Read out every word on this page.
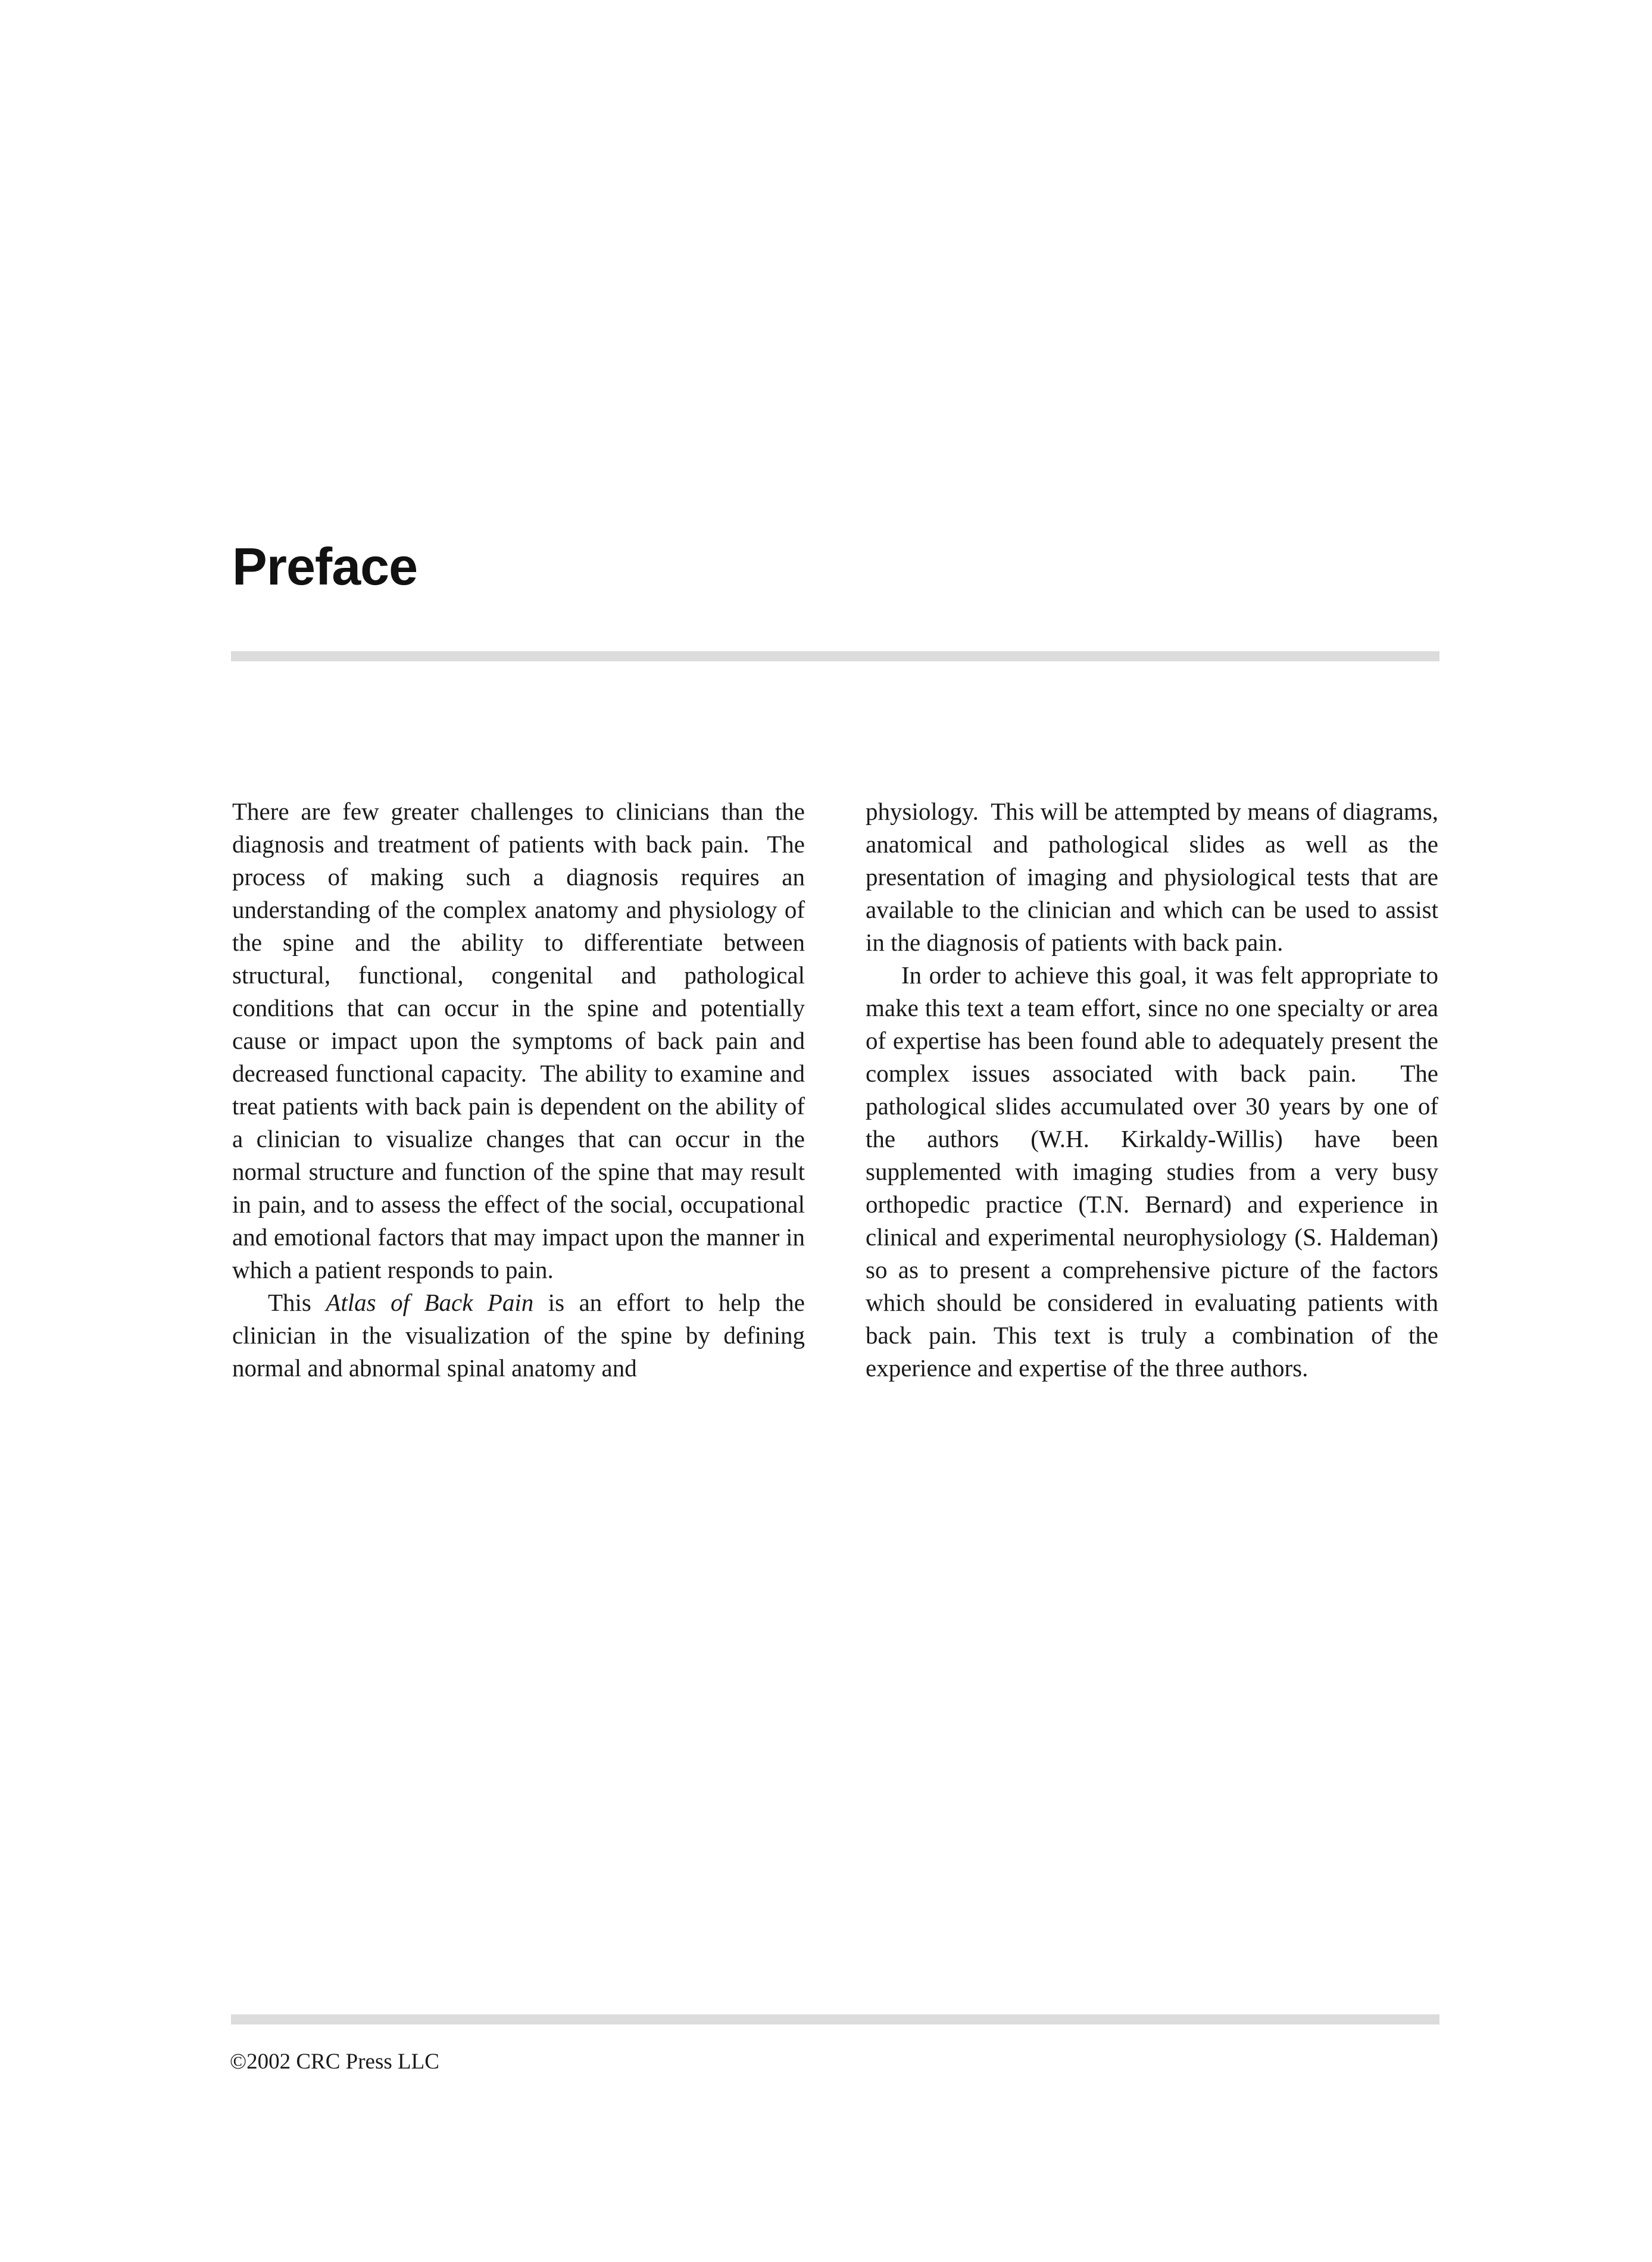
Preface

There are few greater challenges to clinicians than the diagnosis and treatment of patients with back pain.  The process of making such a diagnosis requires an understanding of the complex anatomy and physiology of the spine and the ability to differentiate between structural, functional, congenital and pathological conditions that can occur in the spine and potentially cause or impact upon the symptoms of back pain and decreased functional capacity.  The ability to examine and treat patients with back pain is dependent on the ability of a clinician to visualize changes that can occur in the normal structure and function of the spine that may result in pain, and to assess the effect of the social, occupational and emotional factors that may impact upon the manner in which a patient responds to pain.

This Atlas of Back Pain is an effort to help the clinician in the visualization of the spine by defining normal and abnormal spinal anatomy and

physiology.  This will be attempted by means of diagrams, anatomical and pathological slides as well as the presentation of imaging and physiological tests that are available to the clinician and which can be used to assist in the diagnosis of patients with back pain.

In order to achieve this goal, it was felt appropriate to make this text a team effort, since no one specialty or area of expertise has been found able to adequately present the complex issues associated with back pain.  The pathological slides accumulated over 30 years by one of the authors (W.H. Kirkaldy-Willis) have been supplemented with imaging studies from a very busy orthopedic practice (T.N. Bernard) and experience in clinical and experimental neurophysiology (S. Haldeman) so as to present a comprehensive picture of the factors which should be considered in evaluating patients with back pain. This text is truly a combination of the experience and expertise of the three authors.

©2002 CRC Press LLC
